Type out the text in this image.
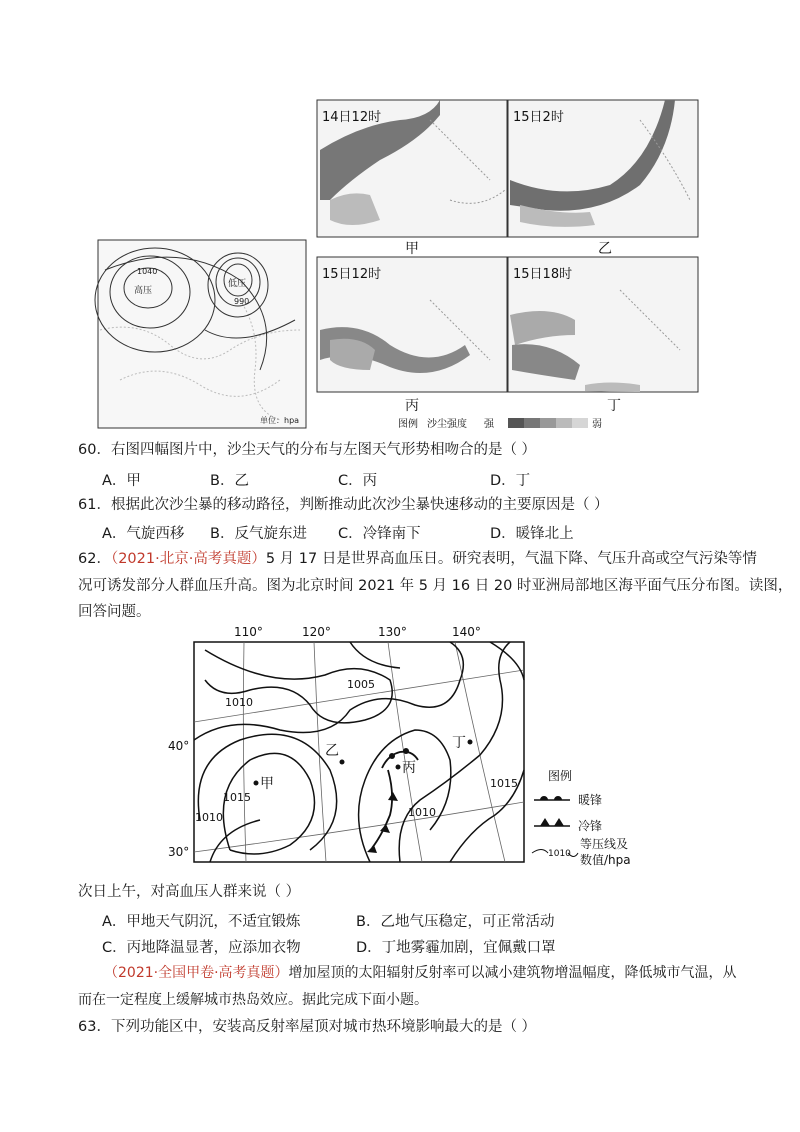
1040
高压
低压
990
单位：hpa
14日12时
甲
15日2时
乙
15日12时
丙
15日18时
丁
图例 沙尘强度 强	弱
60．右图四幅图片中，沙尘天气的分布与左图天气形势相吻合的是（ ）
A．甲	B．乙	C．丙	D．丁
61．根据此次沙尘暴的移动路径，判断推动此次沙尘暴快速移动的主要原因是（ ）
A．气旋西移 B．反气旋东进 C．冷锋南下	D．暖锋北上
62．（2021·北京·高考真题）5 月 17 日是世界高血压日。研究表明，气温下降、气压升高或空气污染等情
况可诱发部分人群血压升高。图为北京时间 2021 年 5 月 16 日 20 时亚洲局部地区海平面气压分布图。读图，
回答问题。
甲
乙
丙
丁
1005
1010
1015
1010	1010
1015
110°	120°	130°	140°
40°
30°
图例
暖锋
冷锋
1010
等压线及
数值/hpa
次日上午，对高血压人群来说（ ）
A．甲地天气阴沉，不适宜锻炼	B．乙地气压稳定，可正常活动
C．丙地降温显著，应添加衣物	D．丁地雾霾加剧，宜佩戴口罩
（2021·全国甲卷·高考真题）增加屋顶的太阳辐射反射率可以减小建筑物增温幅度，降低城市气温，从
而在一定程度上缓解城市热岛效应。据此完成下面小题。
63．下列功能区中，安装高反射率屋顶对城市热环境影响最大的是（ ）
